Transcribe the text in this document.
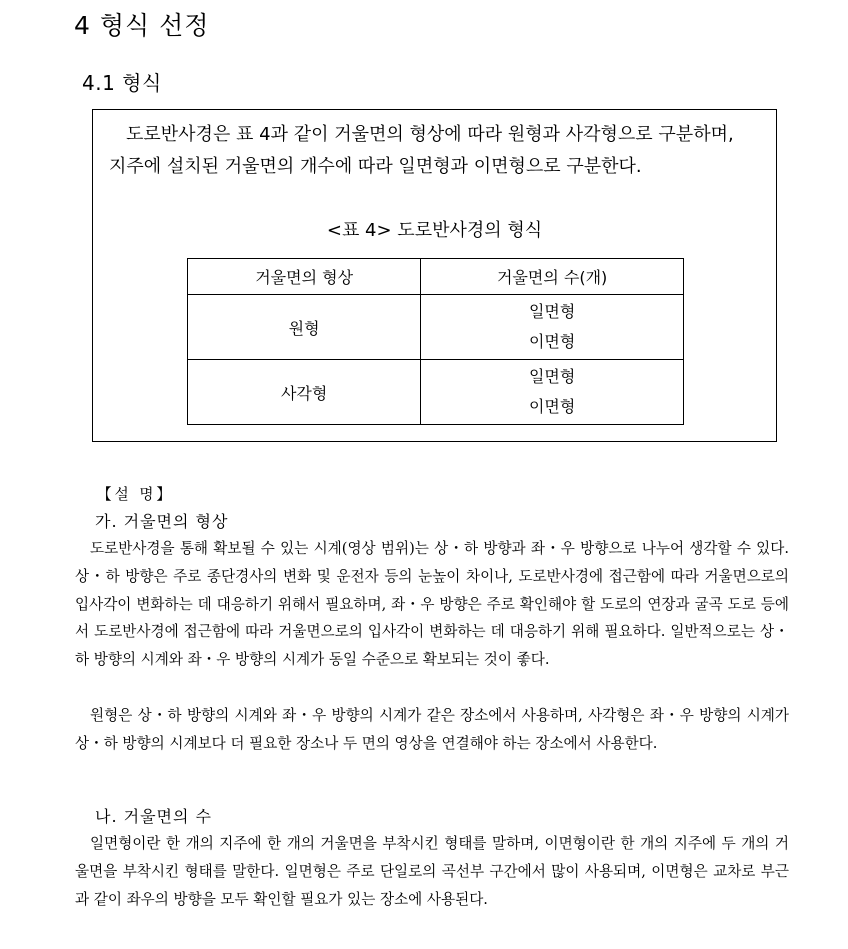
4 형식 선정
4.1 형식
도로반사경은 표 4과 같이 거울면의 형상에 따라 원형과 사각형으로 구분하며,
지주에 설치된 거울면의 개수에 따라 일면형과 이면형으로 구분한다.
<표 4> 도로반사경의 형식
거울면의 형상	거울면의 수(개)
원형	일면형
이면형

사각형	일면형
이면형
【설 명】
가. 거울면의 형상

도로반사경을 통해 확보될 수 있는 시계(영상 범위)는 상・하 방향과 좌・우 방향으로 나누어 생각할 수 있다. 상・하 방향은 주로 종단경사의 변화 및 운전자 등의 눈높이 차이나, 도로반사경에 접근함에 따라 거울면으로의 입사각이 변화하는 데 대응하기 위해서 필요하며, 좌・우 방향은 주로 확인해야 할 도로의 연장과 굴곡 도로 등에서 도로반사경에 접근함에 따라 거울면으로의 입사각이 변화하는 데 대응하기 위해 필요하다. 일반적으로는 상・하 방향의 시계와 좌・우 방향의 시계가 동일 수준으로 확보되는 것이 좋다.

원형은 상・하 방향의 시계와 좌・우 방향의 시계가 같은 장소에서 사용하며, 사각형은 좌・우 방향의 시계가 상・하 방향의 시계보다 더 필요한 장소나 두 면의 영상을 연결해야 하는 장소에서 사용한다.

나. 거울면의 수

일면형이란 한 개의 지주에 한 개의 거울면을 부착시킨 형태를 말하며, 이면형이란 한 개의 지주에 두 개의 거울면을 부착시킨 형태를 말한다. 일면형은 주로 단일로의 곡선부 구간에서 많이 사용되며, 이면형은 교차로 부근과 같이 좌우의 방향을 모두 확인할 필요가 있는 장소에 사용된다.
